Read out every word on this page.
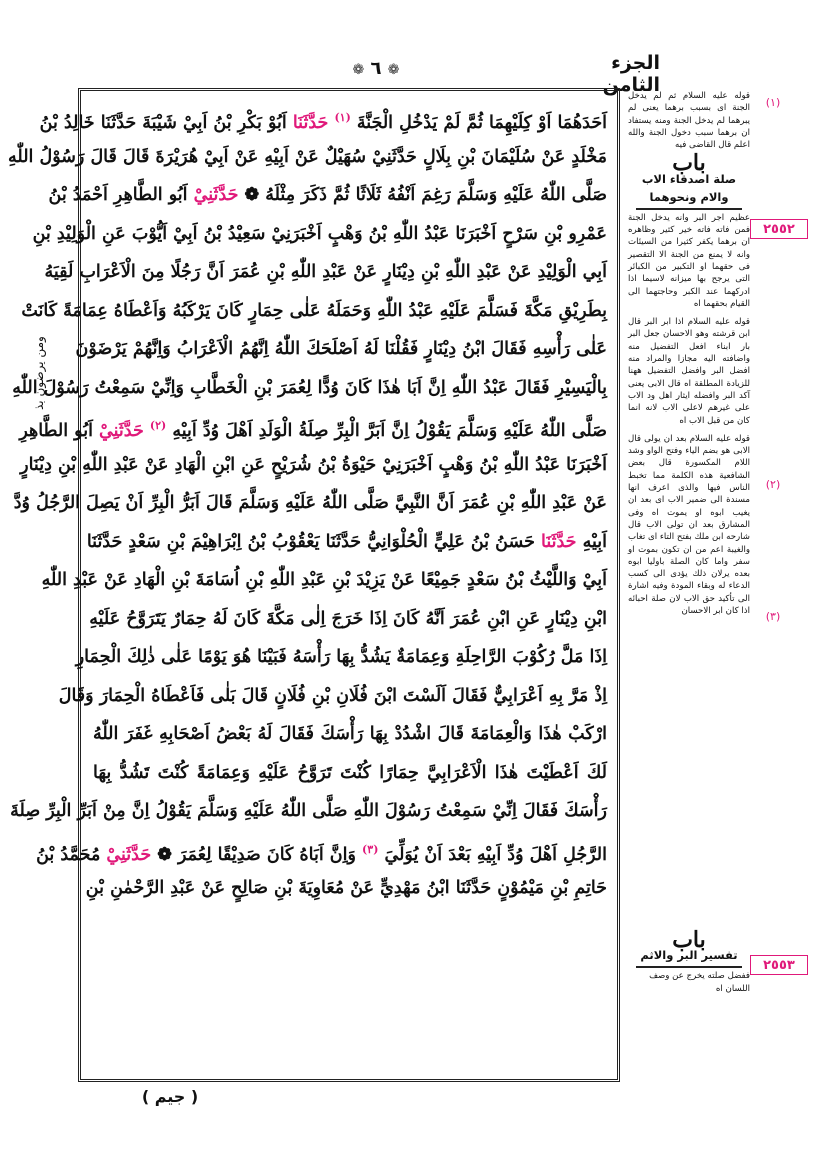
الجزء الثامن
❁ ٦ ❁
اَحَدَهُمَا اَوْ كِلَيْهِمَا ثُمَّ لَمْ يَدْخُلِ الْجَنَّةَ $^{(١)}$ حَدَّثَنَا اَبُوْ بَكْرِ بْنُ اَبِيْ شَيْبَةَ حَدَّثَنَا خَالِدُ بْنُ
مَخْلَدٍ عَنْ سُلَيْمَانَ بْنِ بِلَالٍ حَدَّثَنِيْ سُهَيْلٌ عَنْ اَبِيْهِ عَنْ اَبِيْ هُرَيْرَةَ قَالَ قَالَ رَسُوْلُ اللّٰهِ
صَلَّى اللّٰهُ عَلَيْهِ وَسَلَّمَ رَغِمَ اَنْفُهُ ثَلَاثًا ثُمَّ ذَكَرَ مِثْلَهُ ❁ حَدَّثَنِيْ اَبُو الطَّاهِرِ اَحْمَدُ بْنُ
عَمْرِو بْنِ سَرْحٍ اَخْبَرَنَا عَبْدُ اللّٰهِ بْنُ وَهْبٍ اَخْبَرَنِيْ سَعِيْدُ بْنُ اَبِيْ اَيُّوْبَ عَنِ الْوَلِيْدِ بْنِ
اَبِي الْوَلِيْدِ عَنْ عَبْدِ اللّٰهِ بْنِ دِيْنَارٍ عَنْ عَبْدِ اللّٰهِ بْنِ عُمَرَ اَنَّ رَجُلًا مِنَ الْاَعْرَابِ لَقِيَهُ
بِطَرِيْقِ مَكَّةَ فَسَلَّمَ عَلَيْهِ عَبْدُ اللّٰهِ وَحَمَلَهُ عَلٰى حِمَارٍ كَانَ يَرْكَبُهُ وَاَعْطَاهُ عِمَامَةً كَانَتْ
عَلٰى رَأْسِهِ فَقَالَ ابْنُ دِيْنَارٍ فَقُلْنَا لَهُ اَصْلَحَكَ اللّٰهُ اِنَّهُمُ الْاَعْرَابُ وَاِنَّهُمْ يَرْضَوْنَ
بِالْيَسِيْرِ فَقَالَ عَبْدُ اللّٰهِ اِنَّ اَبَا هٰذَا كَانَ وُدًّا لِعُمَرَ بْنِ الْخَطَّابِ وَاِنِّيْ سَمِعْتُ رَسُوْلَ اللّٰهِ
صَلَّى اللّٰهُ عَلَيْهِ وَسَلَّمَ يَقُوْلُ اِنَّ اَبَرَّ الْبِرِّ صِلَةُ الْوَلَدِ اَهْلَ وُدِّ اَبِيْهِ $^{(٢)}$ حَدَّثَنِيْ اَبُو الطَّاهِرِ
اَخْبَرَنَا عَبْدُ اللّٰهِ بْنُ وَهْبٍ اَخْبَرَنِيْ حَيْوَةُ بْنُ شُرَيْحٍ عَنِ ابْنِ الْهَادِ عَنْ عَبْدِ اللّٰهِ بْنِ دِيْنَارٍ
عَنْ عَبْدِ اللّٰهِ بْنِ عُمَرَ اَنَّ النَّبِيَّ صَلَّى اللّٰهُ عَلَيْهِ وَسَلَّمَ قَالَ اَبَرُّ الْبِرِّ اَنْ يَصِلَ الرَّجُلُ وُدَّ
اَبِيْهِ حَدَّثَنَا حَسَنُ بْنُ عَلِيٍّ الْحُلْوَانِيُّ حَدَّثَنَا يَعْقُوْبُ بْنُ اِبْرَاهِيْمَ بْنِ سَعْدٍ حَدَّثَنَا
اَبِيْ وَاللَّيْثُ بْنُ سَعْدٍ جَمِيْعًا عَنْ يَزِيْدَ بْنِ عَبْدِ اللّٰهِ بْنِ اُسَامَةَ بْنِ الْهَادِ عَنْ عَبْدِ اللّٰهِ
ابْنِ دِيْنَارٍ عَنِ ابْنِ عُمَرَ اَنَّهُ كَانَ اِذَا خَرَجَ اِلٰى مَكَّةَ كَانَ لَهُ حِمَارٌ يَتَرَوَّحُ عَلَيْهِ
اِذَا مَلَّ رُكُوْبَ الرَّاحِلَةِ وَعِمَامَةٌ يَشُدُّ بِهَا رَأْسَهُ فَبَيْنَا هُوَ يَوْمًا عَلٰى ذٰلِكَ الْحِمَارِ
اِذْ مَرَّ بِهِ اَعْرَابِيٌّ فَقَالَ اَلَسْتَ ابْنَ فُلَانِ بْنِ فُلَانٍ قَالَ بَلٰى فَاَعْطَاهُ الْحِمَارَ وَقَالَ
ارْكَبْ هٰذَا وَالْعِمَامَةَ قَالَ اشْدُدْ بِهَا رَأْسَكَ فَقَالَ لَهُ بَعْضُ اَصْحَابِهِ غَفَرَ اللّٰهُ
لَكَ اَعْطَيْتَ هٰذَا الْاَعْرَابِيَّ حِمَارًا كُنْتَ تَرَوَّحُ عَلَيْهِ وَعِمَامَةً كُنْتَ تَشُدُّ بِهَا
رَأْسَكَ فَقَالَ اِنِّيْ سَمِعْتُ رَسُوْلَ اللّٰهِ صَلَّى اللّٰهُ عَلَيْهِ وَسَلَّمَ يَقُوْلُ اِنَّ مِنْ اَبَرِّ الْبِرِّ صِلَةَ
الرَّجُلِ اَهْلَ وُدِّ اَبِيْهِ بَعْدَ اَنْ يُوَلِّيَ $^{(٣)}$ وَاِنَّ اَبَاهُ كَانَ صَدِيْقًا لِعُمَرَ ❁ حَدَّثَنِيْ مُحَمَّدُ بْنُ
حَاتِمِ بْنِ مَيْمُوْنٍ حَدَّثَنَا ابْنُ مَهْدِيٍّ عَنْ مُعَاوِيَةَ بْنِ صَالِحٍ عَنْ عَبْدِ الرَّحْمٰنِ بْنِ
قوله عليه السلام ثم لم يدخل الجنة اى بسبب برهما يعنى لم يبرهما لم يدخل الجنة ومنه يستفاد ان برهما سبب دخول الجنة والله اعلم قال القاضى فيه
باب
صلة اصدقاء الاب والام ونحوهما
عظيم اجر البر وانه يدخل الجنة فمن فاته فاته خير كثير وظاهره ان برهما يكفر كثيرا من السيئات وانه لا يمنع من الجنة الا التقصير فى حقهما او التكبير من الكبائر التى يرجح بها ميزانه لاسيما اذا ادركهما عند الكبر وحاجتهما الى القيام بحقهما اه
قوله عليه السلام اذا ابر البر قال ابن قرشته وهو الاحسان جعل البر بار ابناء افعل التفضيل منه واضافته اليه مجازا والمراد منه افضل البر وافضل التفضيل ههنا للزيادة المطلقة اه قال الابى يعنى آكد البر وافضله ايثار اهل ود الاب على غيرهم لاعلى الاب لانه انما كان من قبل الاب اه
قوله عليه السلام بعد ان يولى قال الابى هو بضم الياء وفتح الواو وشد اللام المكسورة قال بعض الشافعية هذه الكلمة مما تخبط الناس فيها والذى اعرف انها مسندة الى ضمير الاب اى بعد ان يغيب ابوه او يموت اه وفى المشارق بعد ان تولى الاب قال شارحه ابن ملك بفتح التاء اى تغاب والغيبة اعم من ان تكون بموت او سفر واما كان الصلة باوليا ابوه بعده يرلان ذلك يؤدى الى كسب الدعاء له وبقاء المودة وفيه اشارة الى تأكيد حق الاب لان صلة احبائه اذا كان ابر الاحسان
باب
تفسير البر والاثم
ففضل صلته يخرج عن وصف اللسان اه
(١)
(٢)
(٣)
٢٥٥٢
٢٥٥٣
ومن يرضون بذ
( جیم )
